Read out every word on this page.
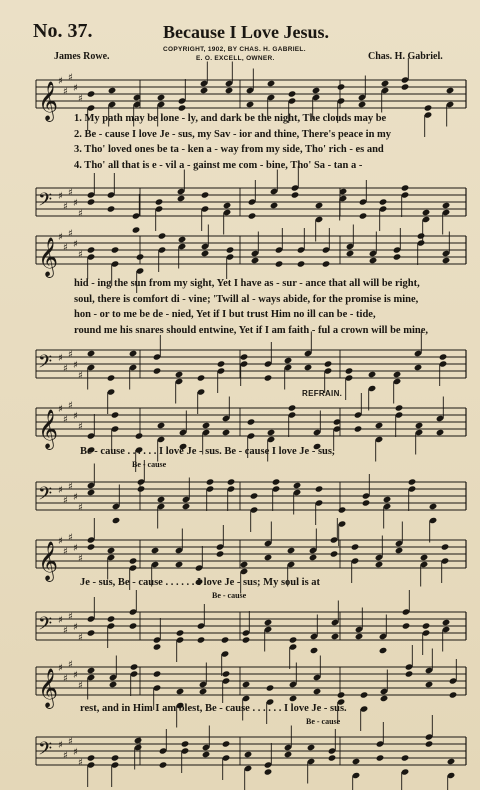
No. 37.	Because I Love Jesus.
COPYRIGHT, 1902, BY CHAS. H. GABRIEL.
E. O. EXCELL, OWNER.
James Rowe.	Chas. H. Gabriel.
𝄞 ♯
♯
♯
♯
♯
1. My path may be lone - ly, and dark be the night, The clouds may be
2. Be - cause I love Je - sus, my Sav - ior and thine, There's peace in my
3. Tho' loved ones be ta - ken a - way from my side, Tho' rich - es and
4. Tho' all that is e - vil a - gainst me com - bine, Tho' Sa - tan a -
𝄢 ♯
♯
♯
♯
♯
𝄞 ♯
♯
♯
♯
♯
hid - ing the sun from my sight, Yet I have as - sur - ance that all will be right,
soul, there is comfort di - vine; 'Twill al - ways abide, for the promise is mine,
hon - or to me be de - nied, Yet if I but trust Him no ill can be - tide,
round me his snares should entwine, Yet if I am faith - ful a crown will be mine,
𝄢 ♯
♯
♯
♯
♯
REFRAIN.
𝄞 ♯
♯
♯
♯
♯
Be - cause . . . . . . I love Je - sus. Be - cause I love Je - sus,
Be - cause
𝄢 ♯
♯
♯
♯
♯
𝄞 ♯
♯
♯
♯
♯
Je - sus, Be - cause . . . . . . I love Je - sus; My soul is at
Be - cause
𝄢 ♯
♯
♯
♯
♯
𝄞 ♯
♯
♯
♯
♯
rest, and in Him I am blest, Be - cause . . . . . . I love Je - sus.
Be - cause
𝄢 ♯
♯
♯
♯
♯
